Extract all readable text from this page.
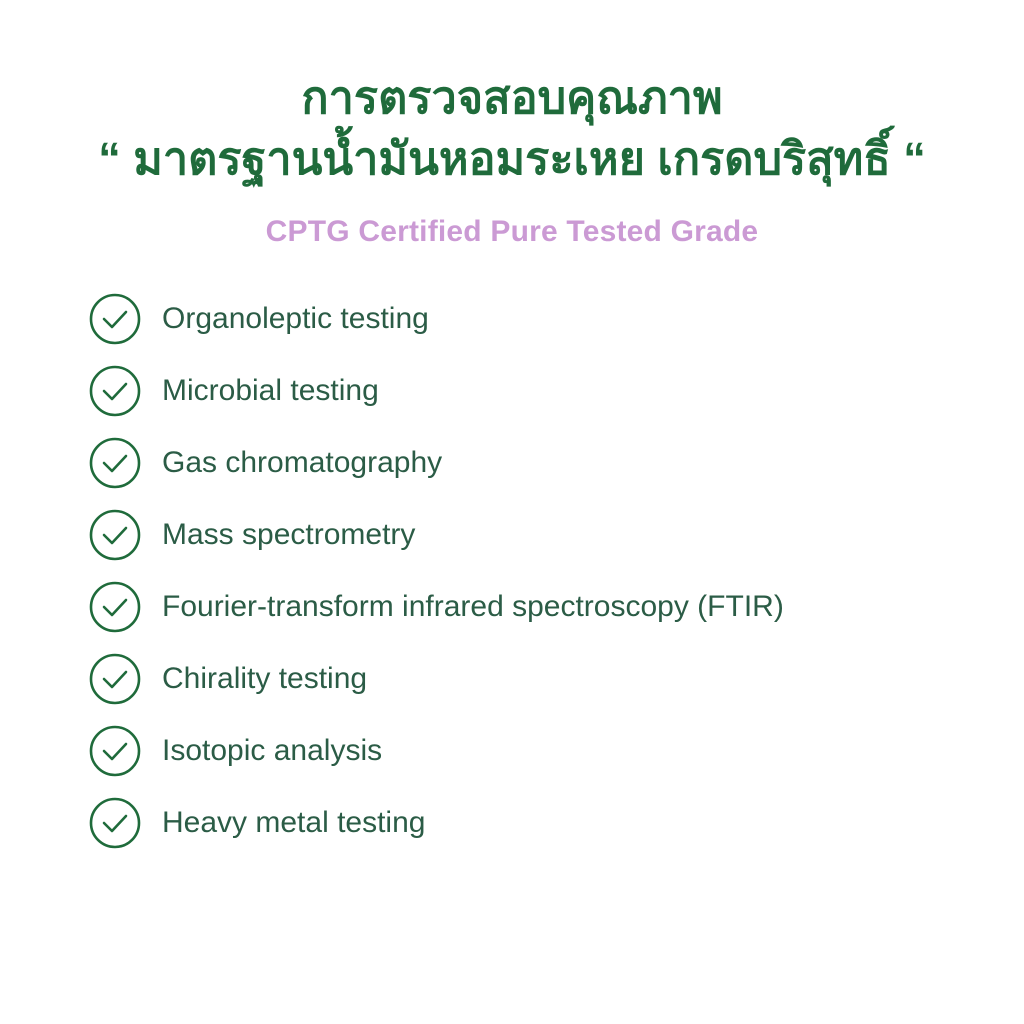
การตรวจสอบคุณภาพ
“ มาตรฐานน้ำมันหอมระเหย เกรดบริสุทธิ์ “
CPTG Certified Pure Tested Grade
Organoleptic testing
Microbial testing
Gas chromatography
Mass spectrometry
Fourier-transform infrared spectroscopy (FTIR)
Chirality testing
Isotopic analysis
Heavy metal testing
